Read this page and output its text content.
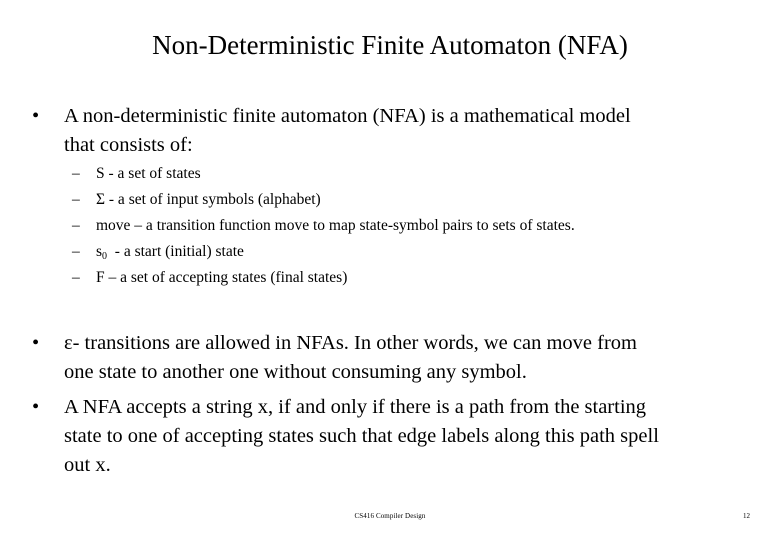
Non-Deterministic Finite Automaton (NFA)
•	A non-deterministic finite automaton (NFA) is a mathematical model
that consists of:
–	S - a set of states
–	Σ - a set of input symbols (alphabet)
–	move – a transition function move to map state-symbol pairs to sets of states.
–	$s_0$  - a start (initial) state
–	F – a set of accepting states (final states)
•	ε- transitions are allowed in NFAs. In other words, we can move from
one state to another one without consuming any symbol.
•	A NFA accepts a string x, if and only if there is a path from the starting
state to one of accepting states such that edge labels along this path spell
out x.
CS416 Compiler Design	12
